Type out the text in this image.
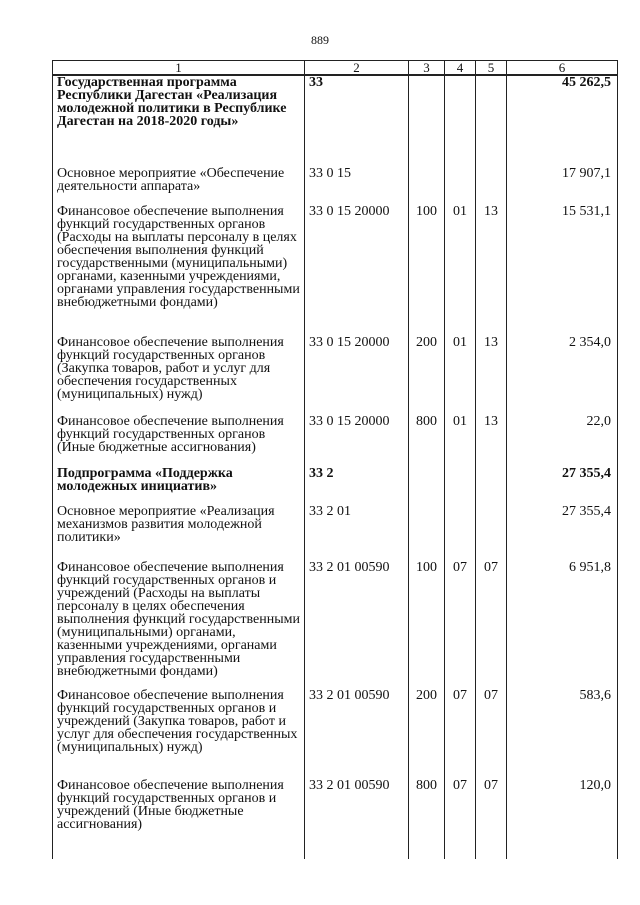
889
1	2	3	4	5	6
Государственная программа Республики Дагестан «Реализация молодежной политики в Республике Дагестан на 2018-2020 годы»	33				45 262,5
Основное мероприятие «Обеспечение деятельности аппарата»	33 0 15				17 907,1
Финансовое обеспечение выполнения функций государственных органов (Расходы на выплаты персоналу в целях обеспечения выполнения функций государственными (муниципальными) органами, казенными учреждениями, органами управления государственными внебюджетными фондами)	33 0 15 20000	100	01	13	15 531,1
Финансовое обеспечение выполнения функций государственных органов (Закупка товаров, работ и услуг для обеспечения государственных (муниципальных) нужд)	33 0 15 20000	200	01	13	2 354,0
Финансовое обеспечение выполнения функций государственных органов (Иные бюджетные ассигнования)	33 0 15 20000	800	01	13	22,0
Подпрограмма «Поддержка молодежных инициатив»	33 2				27 355,4
Основное мероприятие «Реализация механизмов развития молодежной политики»	33 2 01				27 355,4
Финансовое обеспечение выполнения функций государственных органов и учреждений (Расходы на выплаты персоналу в целях обеспечения выполнения функций государственными (муниципальными) органами, казенными учреждениями, органами управления государственными внебюджетными фондами)	33 2 01 00590	100	07	07	6 951,8
Финансовое обеспечение выполнения функций государственных органов и учреждений (Закупка товаров, работ и услуг для обеспечения государственных (муниципальных) нужд)	33 2 01 00590	200	07	07	583,6
Финансовое обеспечение выполнения функций государственных органов и учреждений (Иные бюджетные ассигнования)	33 2 01 00590	800	07	07	120,0
